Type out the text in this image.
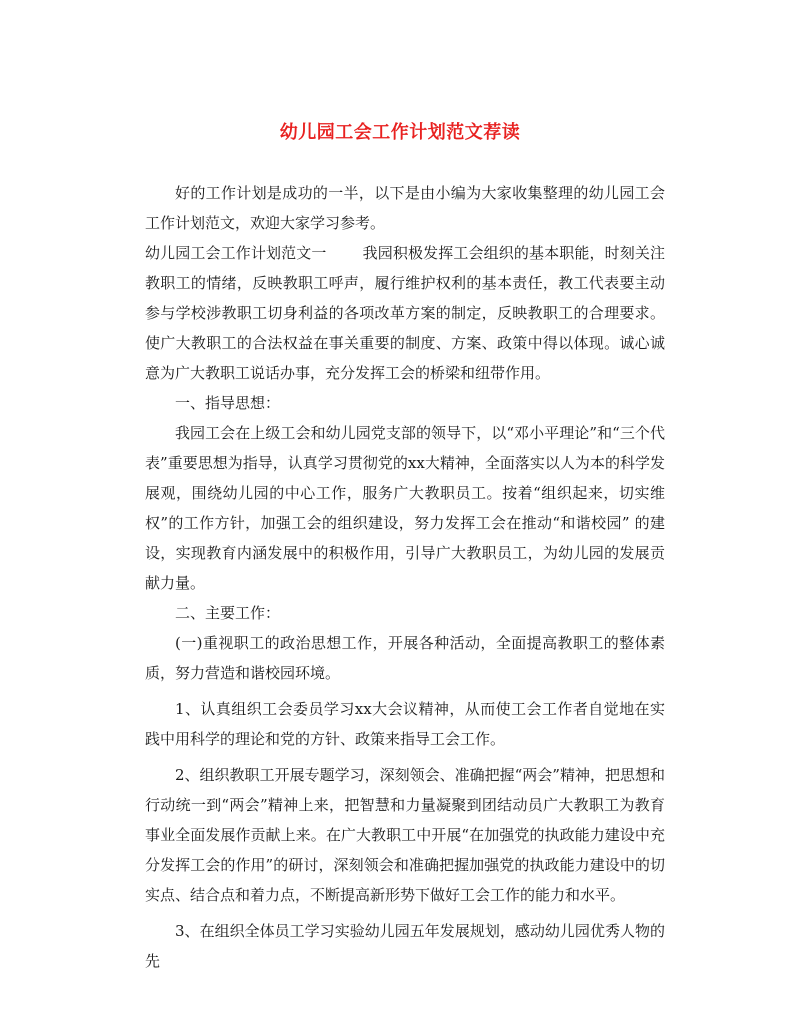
幼儿园工会工作计划范文荐读

好的工作计划是成功的一半，以下是由小编为大家收集整理的幼儿园工会工作计划范文，欢迎大家学习参考。

幼儿园工会工作计划范文一 我园积极发挥工会组织的基本职能，时刻关注教职工的情绪，反映教职工呼声，履行维护权利的基本责任，教工代表要主动参与学校涉教职工切身利益的各项改革方案的制定，反映教职工的合理要求。使广大教职工的合法权益在事关重要的制度、方案、政策中得以体现。诚心诚意为广大教职工说话办事，充分发挥工会的桥梁和纽带作用。

一、指导思想：

我园工会在上级工会和幼儿园党支部的领导下，以“邓小平理论”和“三个代表”重要思想为指导，认真学习贯彻党的xx大精神，全面落实以人为本的科学发展观，围绕幼儿园的中心工作，服务广大教职员工。按着“组织起来，切实维权”的工作方针，加强工会的组织建设，努力发挥工会在推动“和谐校园” 的建设，实现教育内涵发展中的积极作用，引导广大教职员工，为幼儿园的发展贡献力量。

二、主要工作：

(一)重视职工的政治思想工作，开展各种活动，全面提高教职工的整体素质，努力营造和谐校园环境。

1、认真组织工会委员学习xx大会议精神，从而使工会工作者自觉地在实践中用科学的理论和党的方针、政策来指导工会工作。

2、组织教职工开展专题学习，深刻领会、准确把握“两会”精神，把思想和行动统一到“两会”精神上来，把智慧和力量凝聚到团结动员广大教职工为教育事业全面发展作贡献上来。在广大教职工中开展“在加强党的执政能力建设中充分发挥工会的作用”的研讨，深刻领会和准确把握加强党的执政能力建设中的切实点、结合点和着力点，不断提高新形势下做好工会工作的能力和水平。

3、在组织全体员工学习实验幼儿园五年发展规划，感动幼儿园优秀人物的先
